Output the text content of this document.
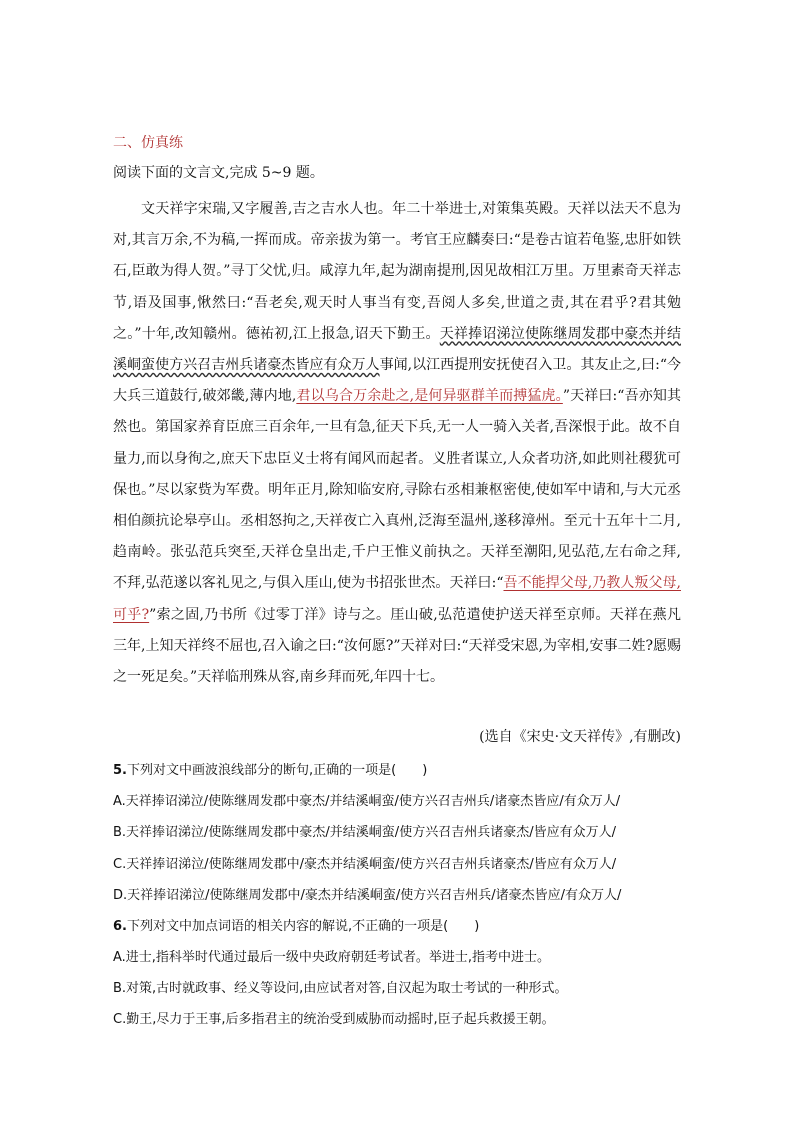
二、仿真练
阅读下面的文言文,完成 5~9 题。

文天祥字宋瑞,又字履善,吉之吉水人也。年二十举进士,对策集英殿。天祥以法天不息为对,其言万余,不为稿,一挥而成。帝亲拔为第一。考官王应麟奏曰:“是卷古谊若龟鉴,忠肝如铁石,臣敢为得人贺。”寻丁父忧,归。咸淳九年,起为湖南提刑,因见故相江万里。万里素奇天祥志节,语及国事,愀然曰:“吾老矣,观天时人事当有变,吾阅人多矣,世道之责,其在君乎?君其勉之。”十年,改知赣州。德祐初,江上报急,诏天下勤王。天祥捧诏涕泣使陈继周发郡中豪杰并结溪峒蛮使方兴召吉州兵诸豪杰皆应有众万人事闻,以江西提刑安抚使召入卫。其友止之,曰:“今大兵三道鼓行,破郊畿,薄内地,君以乌合万余赴之,是何异驱群羊而搏猛虎。”天祥曰:“吾亦知其然也。第国家养育臣庶三百余年,一旦有急,征天下兵,无一人一骑入关者,吾深恨于此。故不自量力,而以身徇之,庶天下忠臣义士将有闻风而起者。义胜者谋立,人众者功济,如此则社稷犹可保也。”尽以家赀为军费。明年正月,除知临安府,寻除右丞相兼枢密使,使如军中请和,与大元丞相伯颜抗论皋亭山。丞相怒拘之,天祥夜亡入真州,泛海至温州,遂移漳州。至元十五年十二月,趋南岭。张弘范兵突至,天祥仓皇出走,千户王惟义前执之。天祥至潮阳,见弘范,左右命之拜,不拜,弘范遂以客礼见之,与俱入厓山,使为书招张世杰。天祥曰:“吾不能捍父母,乃教人叛父母,可乎?”索之固,乃书所《过零丁洋》诗与之。厓山破,弘范遣使护送天祥至京师。天祥在燕凡三年,上知天祥终不屈也,召入谕之曰:“汝何愿?”天祥对曰:“天祥受宋恩,为宰相,安事二姓?愿赐之一死足矣。”天祥临刑殊从容,南乡拜而死,年四十七。

(选自《宋史·文天祥传》,有删改)
5.下列对文中画波浪线部分的断句,正确的一项是(　　)
A.天祥捧诏涕泣/使陈继周发郡中豪杰/并结溪峒蛮/使方兴召吉州兵/诸豪杰皆应/有众万人/
B.天祥捧诏涕泣/使陈继周发郡中豪杰/并结溪峒蛮/使方兴召吉州兵诸豪杰/皆应有众万人/
C.天祥捧诏涕泣/使陈继周发郡中/豪杰并结溪峒蛮/使方兴召吉州兵诸豪杰/皆应有众万人/
D.天祥捧诏涕泣/使陈继周发郡中/豪杰并结溪峒蛮/使方兴召吉州兵/诸豪杰皆应/有众万人/
6.下列对文中加点词语的相关内容的解说,不正确的一项是(　　)
A.进士,指科举时代通过最后一级中央政府朝廷考试者。举进士,指考中进士。
B.对策,古时就政事、经义等设问,由应试者对答,自汉起为取士考试的一种形式。
C.勤王,尽力于王事,后多指君主的统治受到威胁而动摇时,臣子起兵救援王朝。
